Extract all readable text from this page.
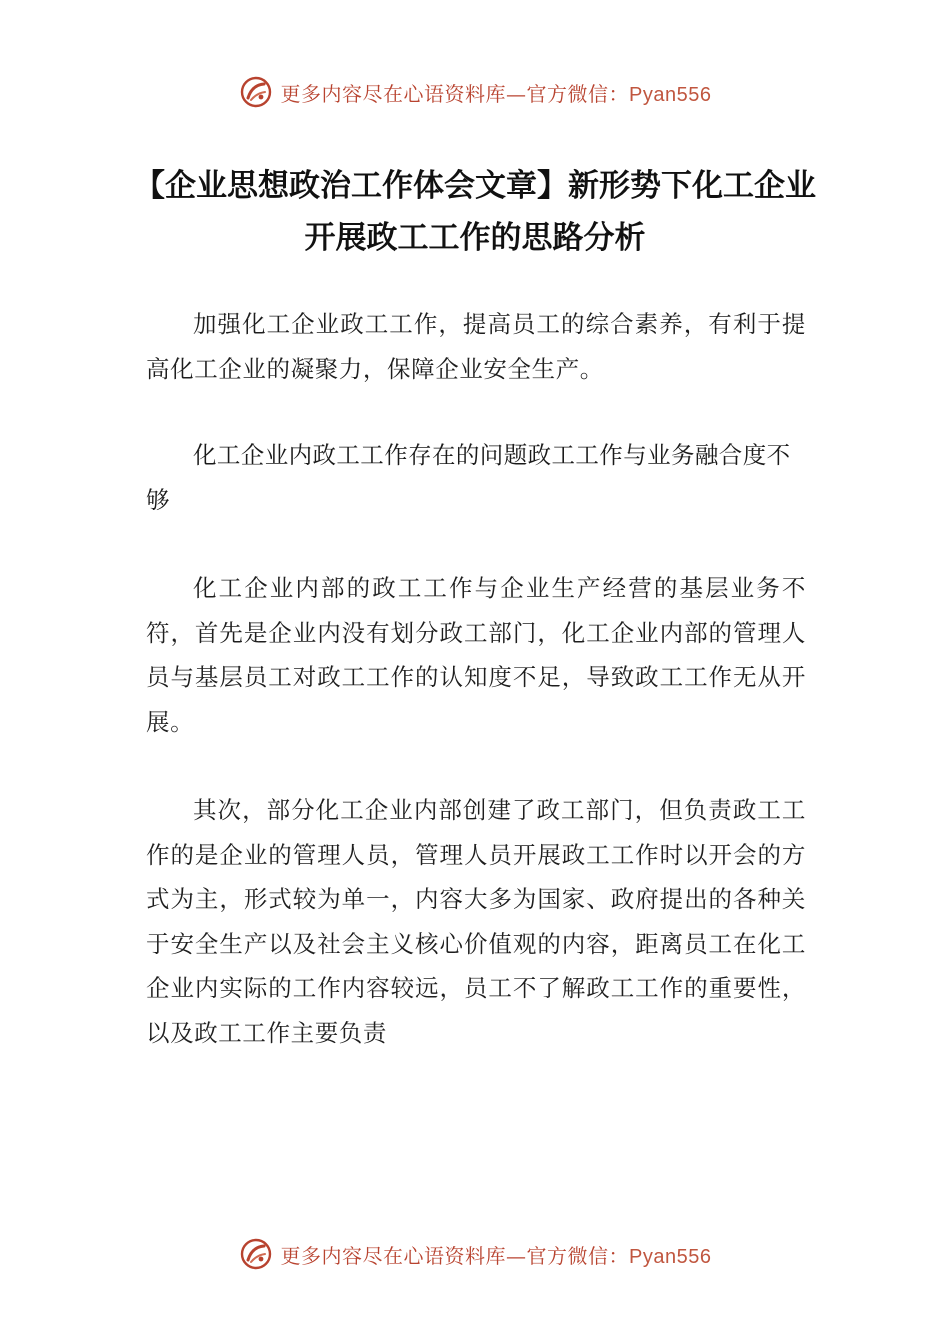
更多内容尽在心语资料库—官方微信：Pyan556
【企业思想政治工作体会文章】新形势下化工企业开展政工工作的思路分析

加强化工企业政工工作，提高员工的综合素养，有利于提高化工企业的凝聚力，保障企业安全生产。

化工企业内政工工作存在的问题政工工作与业务融合度不够

化工企业内部的政工工作与企业生产经营的基层业务不符，首先是企业内没有划分政工部门，化工企业内部的管理人员与基层员工对政工工作的认知度不足，导致政工工作无从开展。

其次，部分化工企业内部创建了政工部门，但负责政工工作的是企业的管理人员，管理人员开展政工工作时以开会的方式为主，形式较为单一，内容大多为国家、政府提出的各种关于安全生产以及社会主义核心价值观的内容，距离员工在化工企业内实际的工作内容较远，员工不了解政工工作的重要性，以及政工工作主要负责

更多内容尽在心语资料库—官方微信：Pyan556
